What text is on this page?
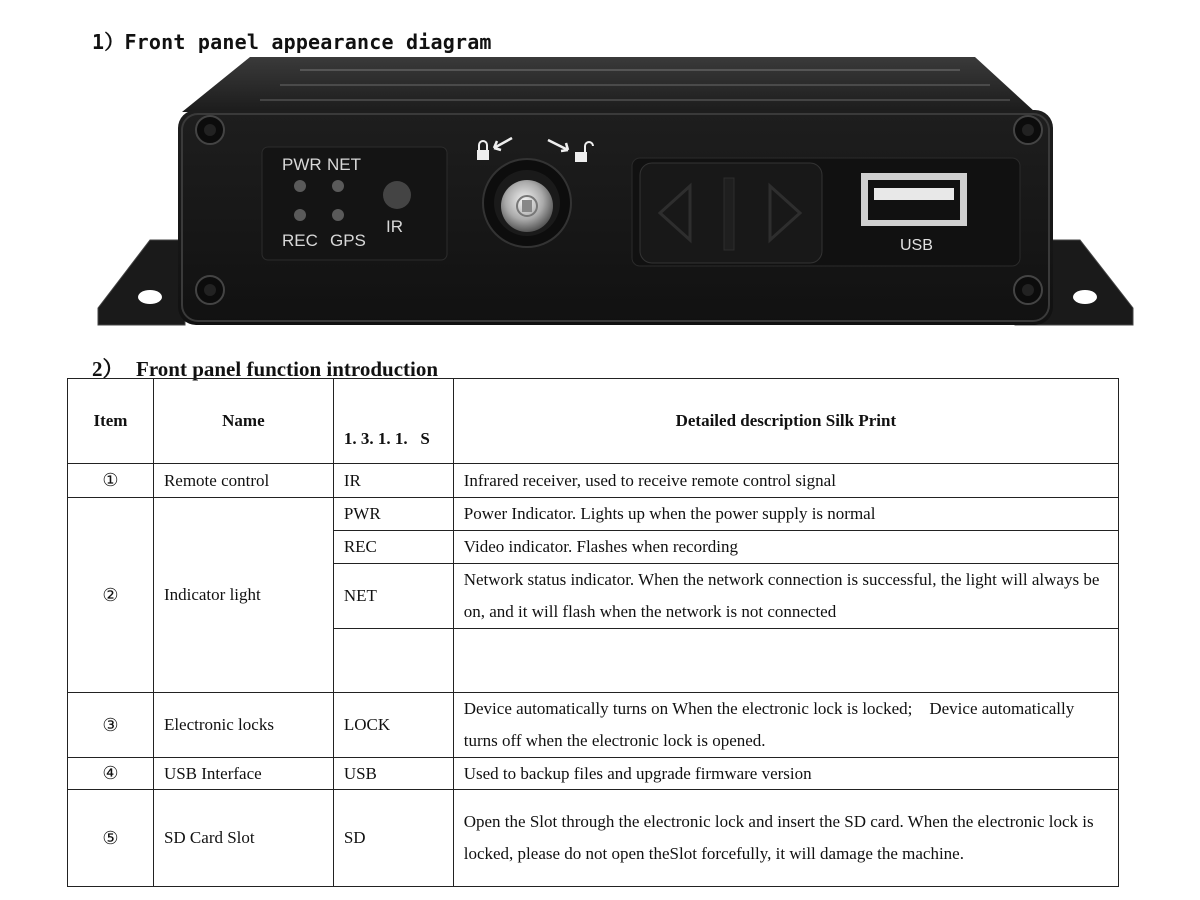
1）Front panel appearance diagram
PWR NET
REC GPS
IR
USB
2） Front panel function introduction
Item	Name	1. 3. 1. 1.   S	Detailed description Silk Print
①	Remote control	IR	Infrared receiver, used to receive remote control signal
②	Indicator light	PWR	Power Indicator. Lights up when the power supply is normal
		REC	Video indicator. Flashes when recording
		NET	Network status indicator. When the network connection is successful, the light will always be on, and it will flash when the network is not connected

③	Electronic locks	LOCK	Device automatically turns on When the electronic lock is locked;    Device automatically turns off when the electronic lock is opened.
④	USB Interface	USB	Used to backup files and upgrade firmware version
⑤	SD Card Slot	SD	Open the Slot through the electronic lock and insert the SD card. When the electronic lock is locked, please do not open theSlot forcefully, it will damage the machine.
